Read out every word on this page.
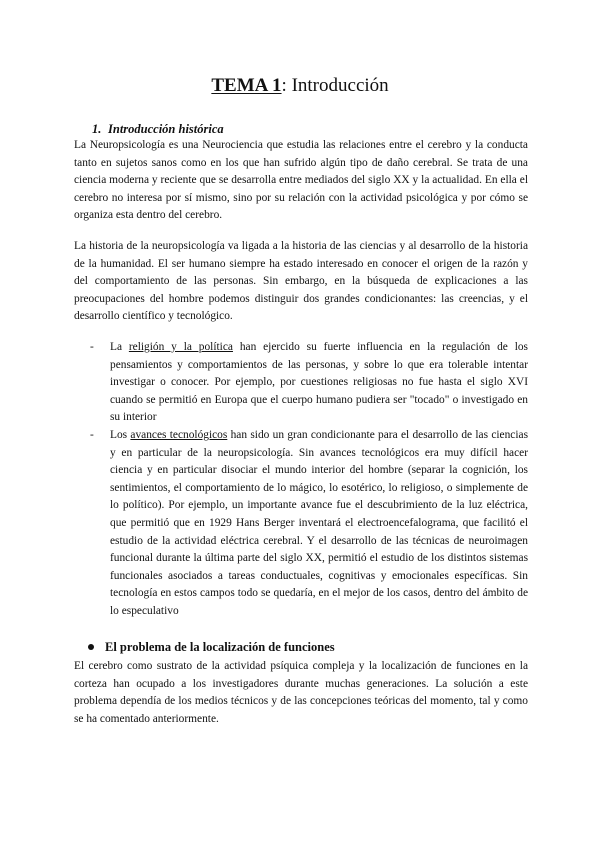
TEMA 1: Introducción
1. Introducción histórica

La Neuropsicología es una Neurociencia que estudia las relaciones entre el cerebro y la conducta tanto en sujetos sanos como en los que han sufrido algún tipo de daño cerebral. Se trata de una ciencia moderna y reciente que se desarrolla entre mediados del siglo XX y la actualidad. En ella el cerebro no interesa por sí mismo, sino por su relación con la actividad psicológica y por cómo se organiza esta dentro del cerebro.

La historia de la neuropsicología va ligada a la historia de las ciencias y al desarrollo de la historia de la humanidad. El ser humano siempre ha estado interesado en conocer el origen de la razón y del comportamiento de las personas. Sin embargo, en la búsqueda de explicaciones a las preocupaciones del hombre podemos distinguir dos grandes condicionantes: las creencias, y el desarrollo científico y tecnológico.

- La religión y la política han ejercido su fuerte influencia en la regulación de los pensamientos y comportamientos de las personas, y sobre lo que era tolerable intentar investigar o conocer. Por ejemplo, por cuestiones religiosas no fue hasta el siglo XVI cuando se permitió en Europa que el cuerpo humano pudiera ser "tocado" o investigado en su interior
- Los avances tecnológicos han sido un gran condicionante para el desarrollo de las ciencias y en particular de la neuropsicología. Sin avances tecnológicos era muy difícil hacer ciencia y en particular disociar el mundo interior del hombre (separar la cognición, los sentimientos, el comportamiento de lo mágico, lo esotérico, lo religioso, o simplemente de lo político). Por ejemplo, un importante avance fue el descubrimiento de la luz eléctrica, que permitió que en 1929 Hans Berger inventará el electroencefalograma, que facilitó el estudio de la actividad eléctrica cerebral. Y el desarrollo de las técnicas de neuroimagen funcional durante la última parte del siglo XX, permitió el estudio de los distintos sistemas funcionales asociados a tareas conductuales, cognitivas y emocionales específicas. Sin tecnología en estos campos todo se quedaría, en el mejor de los casos, dentro del ámbito de lo especulativo
El problema de la localización de funciones

El cerebro como sustrato de la actividad psíquica compleja y la localización de funciones en la corteza han ocupado a los investigadores durante muchas generaciones. La solución a este problema dependía de los medios técnicos y de las concepciones teóricas del momento, tal y como se ha comentado anteriormente.
